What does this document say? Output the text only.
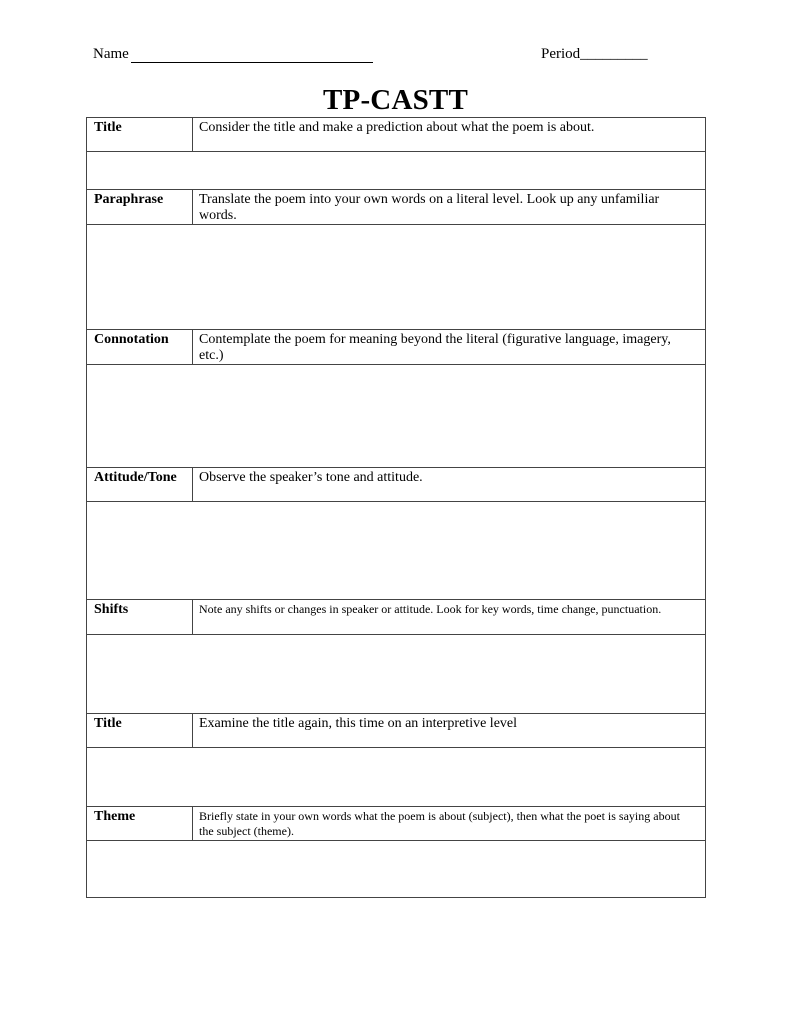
Name	Period_________
TP-CASTT
Title	Consider the title and make a prediction about what the poem is about.

Paraphrase	Translate the poem into your own words on a literal level. Look up any unfamiliar words.

Connotation	Contemplate the poem for meaning beyond the literal (figurative language, imagery, etc.)

Attitude/Tone	Observe the speaker’s tone and attitude.

Shifts	Note any shifts or changes in speaker or attitude. Look for key words, time change, punctuation.

Title	Examine the title again, this time on an interpretive level

Theme	Briefly state in your own words what the poem is about (subject), then what the poet is saying about the subject (theme).
